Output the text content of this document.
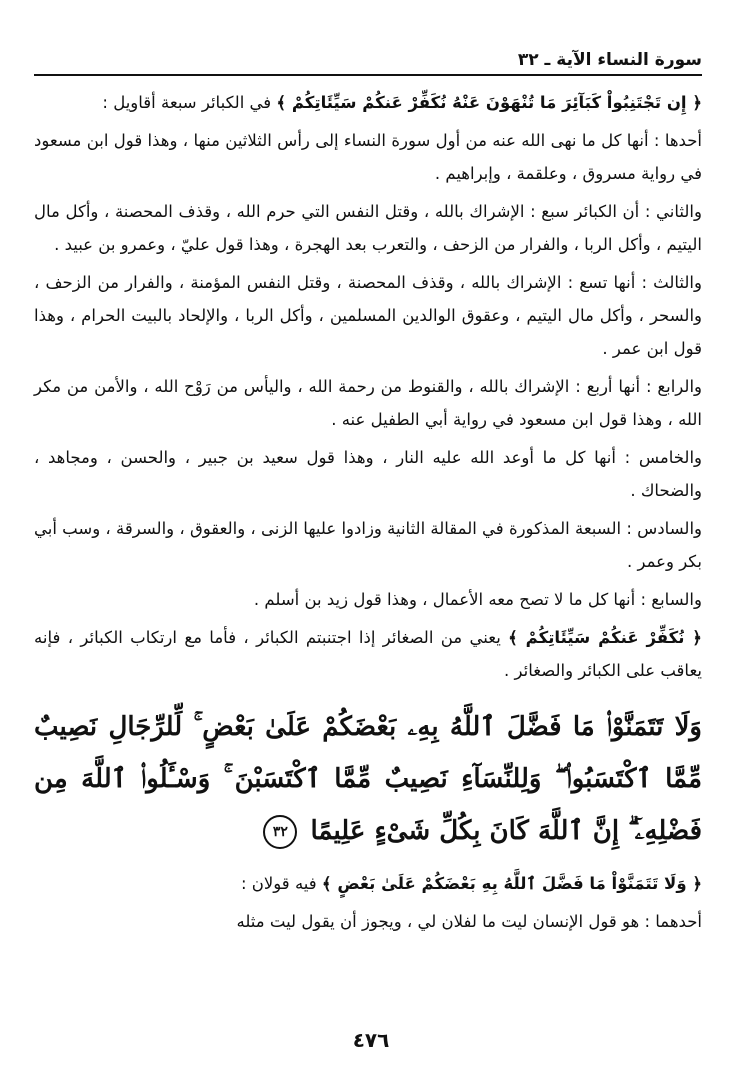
سورة النساء الآية ـ ٣٢

﴿ إِن تَجْتَنِبُواْ كَبَآئِرَ مَا تُنْهَوْنَ عَنْهُ نُكَفِّرْ عَنكُمْ سَيِّئَاتِكُمْ ﴾ في الكبائر سبعة أقاويل :

أحدها : أنها كل ما نهى الله عنه من أول سورة النساء إلى رأس الثلاثين منها ، وهذا قول ابن مسعود في رواية مسروق ، وعلقمة ، وإبراهيم .

والثاني : أن الكبائر سبع : الإشراك بالله ، وقتل النفس التي حرم الله ، وقذف المحصنة ، وأكل مال اليتيم ، وأكل الربا ، والفرار من الزحف ، والتعرب بعد الهجرة ، وهذا قول عليّ ، وعمرو بن عبيد .

والثالث : أنها تسع : الإشراك بالله ، وقذف المحصنة ، وقتل النفس المؤمنة ، والفرار من الزحف ، والسحر ، وأكل مال اليتيم ، وعقوق الوالدين المسلمين ، وأكل الربا ، والإلحاد بالبيت الحرام ، وهذا قول ابن عمر .

والرابع : أنها أربع : الإشراك بالله ، والقنوط من رحمة الله ، واليأس من رَوْح الله ، والأمن من مكر الله ، وهذا قول ابن مسعود في رواية أبي الطفيل عنه .

والخامس : أنها كل ما أوعد الله عليه النار ، وهذا قول سعيد بن جبير ، والحسن ، ومجاهد ، والضحاك .

والسادس : السبعة المذكورة في المقالة الثانية وزادوا عليها الزنى ، والعقوق ، والسرقة ، وسب أبي بكر وعمر .

والسابع : أنها كل ما لا تصح معه الأعمال ، وهذا قول زيد بن أسلم .

﴿ نُكَفِّرْ عَنكُمْ سَيِّئَاتِكُمْ ﴾ يعني من الصغائر إذا اجتنبتم الكبائر ، فأما مع ارتكاب الكبائر ، فإنه يعاقب على الكبائر والصغائر .

وَلَا تَتَمَنَّوْا۟ مَا فَضَّلَ ٱللَّهُ بِهِۦ بَعْضَكُمْ عَلَىٰ بَعْضٍ ۚ لِّلرِّجَالِ نَصِيبٌ مِّمَّا ٱكْتَسَبُوا۟ ۖ وَلِلنِّسَآءِ نَصِيبٌ مِّمَّا ٱكْتَسَبْنَ ۚ وَسْـَٔلُوا۟ ٱللَّهَ مِن فَضْلِهِۦٓ ۗ إِنَّ ٱللَّهَ كَانَ بِكُلِّ شَىْءٍ عَلِيمًا ٣٢

﴿ وَلَا تَتَمَنَّوْاْ مَا فَضَّلَ ٱللَّهُ بِهِ بَعْضَكُمْ عَلَىٰ بَعْضٍ ﴾ فيه قولان :

أحدهما : هو قول الإنسان ليت ما لفلان لي ، ويجوز أن يقول ليت مثله

٤٧٦
